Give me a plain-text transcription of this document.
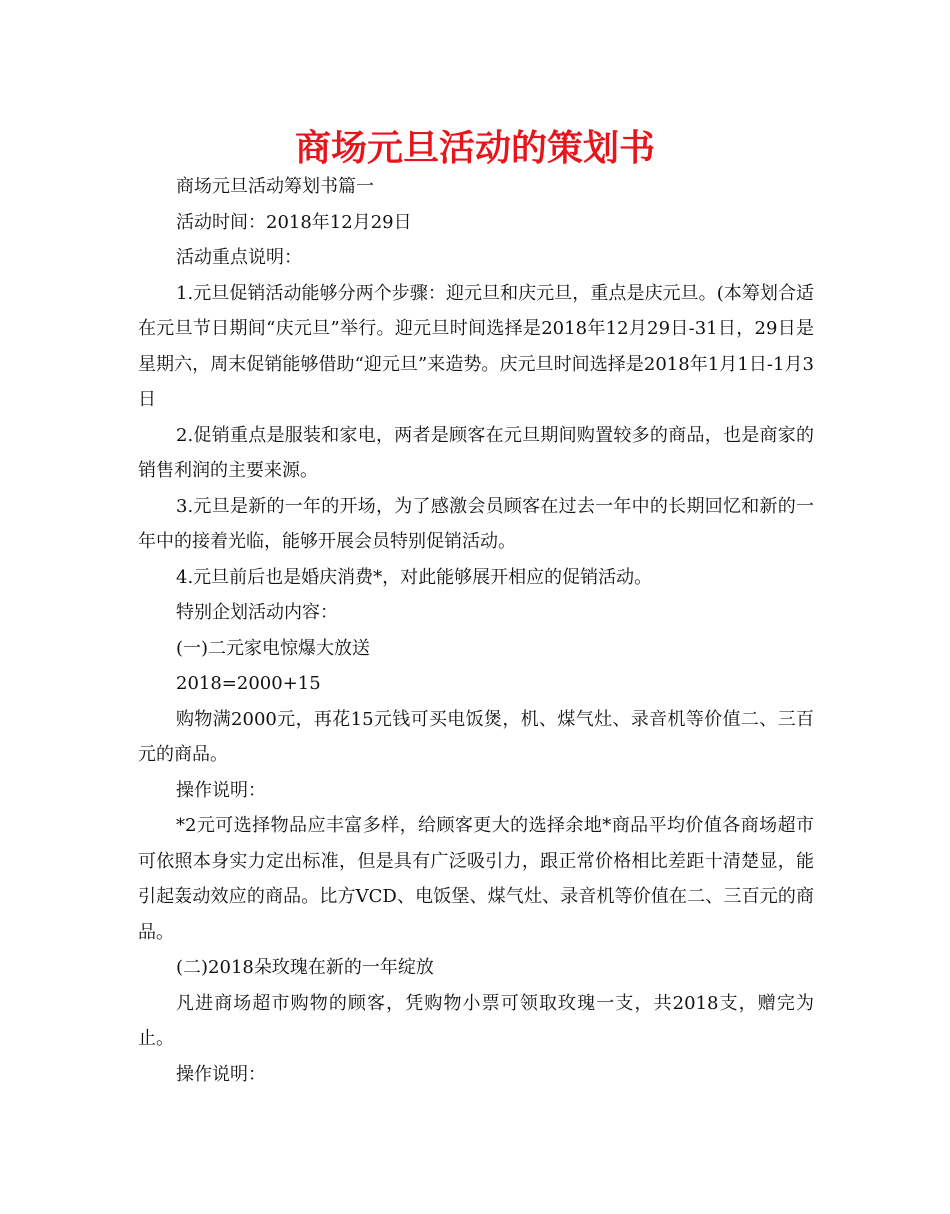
商场元旦活动的策划书

商场元旦活动筹划书篇一

活动时间：2018年12月29日

活动重点说明：

1.元旦促销活动能够分两个步骤：迎元旦和庆元旦，重点是庆元旦。(本筹划合适在元旦节日期间“庆元旦”举行。迎元旦时间选择是2018年12月29日-31日，29日是星期六，周末促销能够借助“迎元旦”来造势。庆元旦时间选择是2018年1月1日-1月3日

2.促销重点是服装和家电，两者是顾客在元旦期间购置较多的商品，也是商家的销售利润的主要来源。

3.元旦是新的一年的开场，为了感激会员顾客在过去一年中的长期回忆和新的一年中的接着光临，能够开展会员特别促销活动。

4.元旦前后也是婚庆消费*，对此能够展开相应的促销活动。

特别企划活动内容：

(一)二元家电惊爆大放送

2018=2000+15

购物满2000元，再花15元钱可买电饭煲，机、煤气灶、录音机等价值二、三百元的商品。

操作说明：

*2元可选择物品应丰富多样，给顾客更大的选择余地*商品平均价值各商场超市可依照本身实力定出标准，但是具有广泛吸引力，跟正常价格相比差距十清楚显，能引起轰动效应的商品。比方VCD、电饭堡、煤气灶、录音机等价值在二、三百元的商品。

(二)2018朵玫瑰在新的一年绽放

凡进商场超市购物的顾客，凭购物小票可领取玫瑰一支，共2018支，赠完为止。

操作说明：
